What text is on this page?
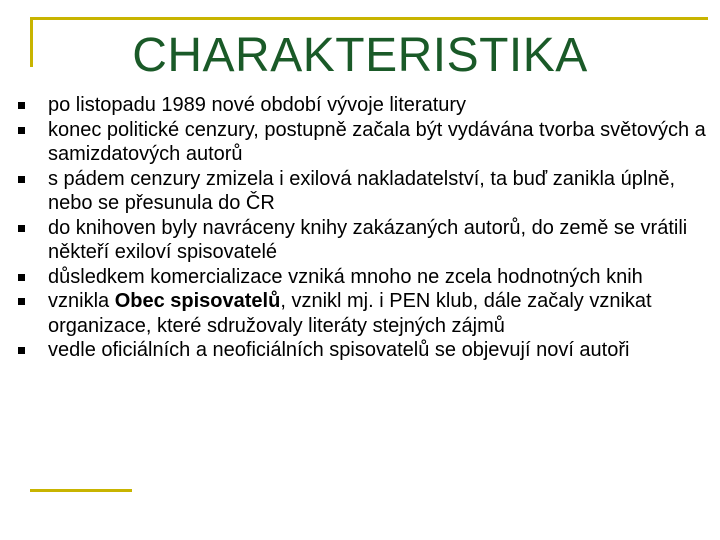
CHARAKTERISTIKA
po listopadu 1989 nové období vývoje literatury
konec politické cenzury, postupně začala být vydávána tvorba světových a samizdatových autorů
s pádem cenzury zmizela i exilová nakladatelství, ta buď zanikla úplně, nebo se přesunula do ČR
do knihoven byly navráceny knihy zakázaných autorů, do země se vrátili někteří exiloví spisovatelé
důsledkem komercializace vzniká mnoho ne zcela hodnotných knih
vznikla Obec spisovatelů, vznikl mj. i PEN klub, dále začaly vznikat organizace, které sdružovaly literáty stejných zájmů
vedle oficiálních a neoficiálních spisovatelů se objevují noví autoři
